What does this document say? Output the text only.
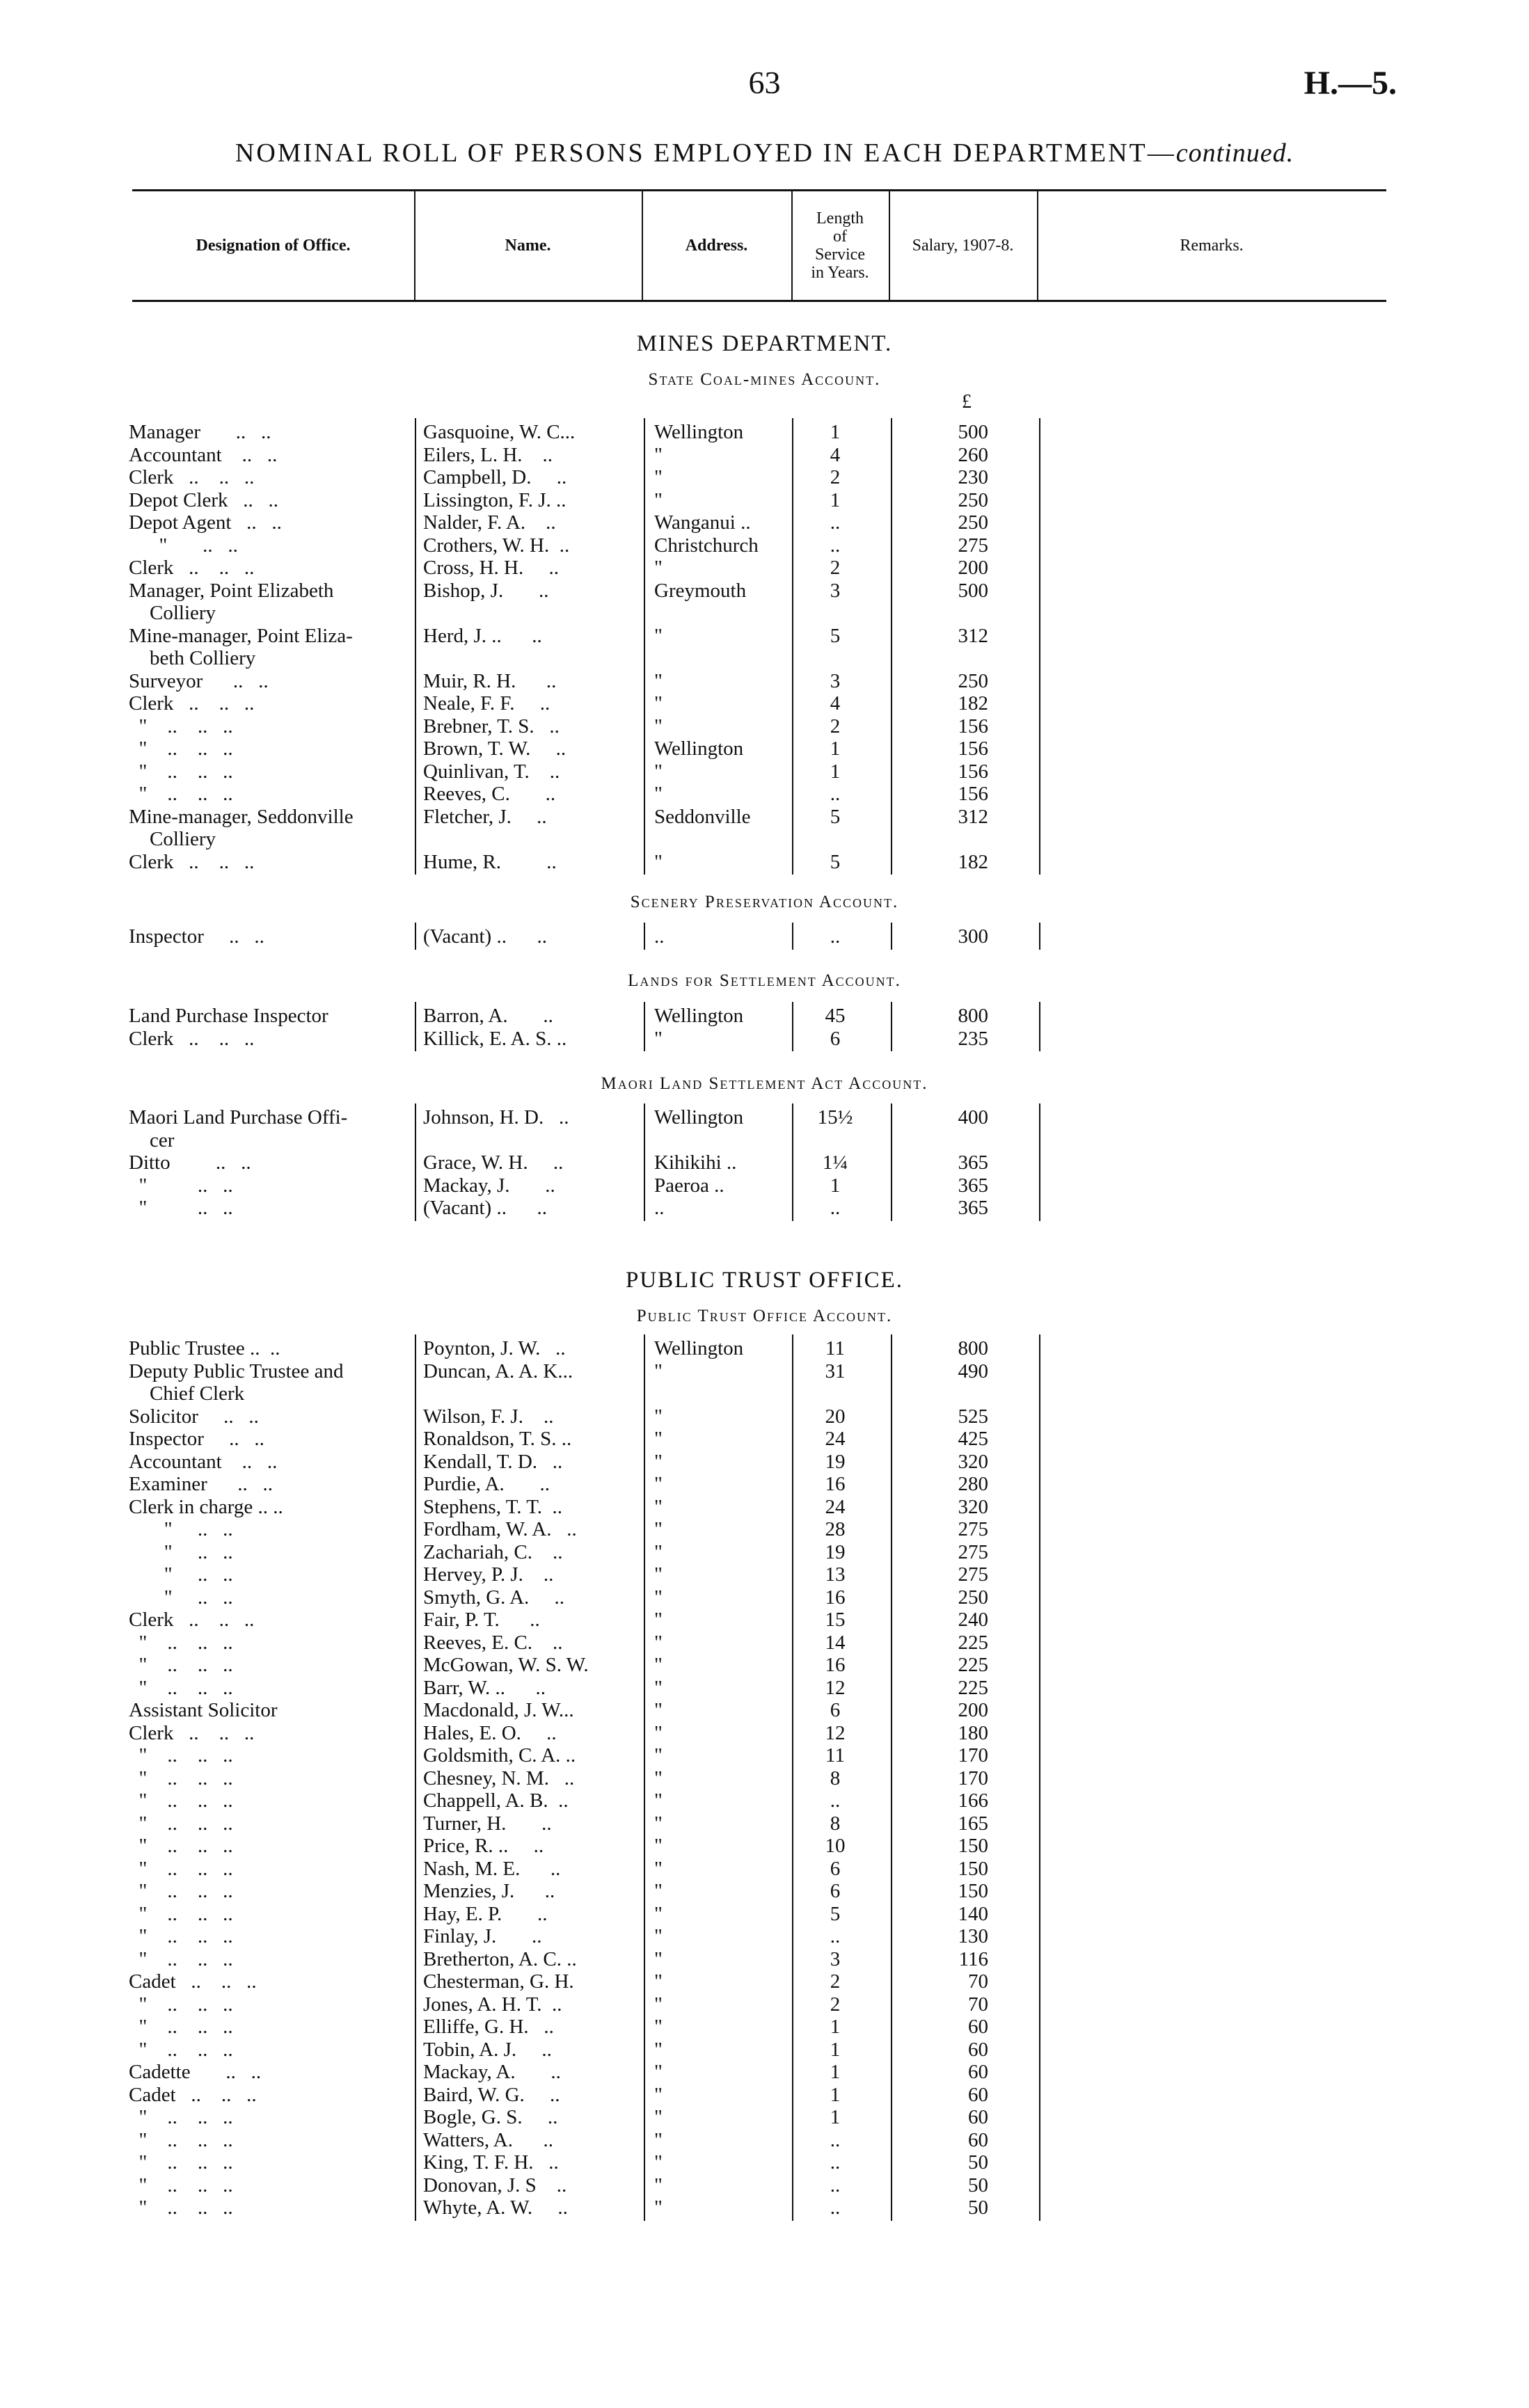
63	H.—5.
NOMINAL ROLL OF PERSONS EMPLOYED IN EACH DEPARTMENT—continued.
Designation of Office.	Name.	Address.
Length
of
Service
in Years.
Salary, 1907-8.	Remarks.
£
MINES DEPARTMENT.
State Coal-mines Account.
Manager       ..   ..	Gasquoine, W. C...	Wellington	1	500
Accountant    ..   ..	Eilers, L. H.    ..	"	4	260
Clerk   ..    ..   ..	Campbell, D.     ..	"	2	230
Depot Clerk   ..   ..	Lissington, F. J. ..	"	1	250
Depot Agent   ..   ..	Nalder, F. A.    ..	Wanganui ..	..	250
"       ..   ..	Crothers, W. H.  ..	Christchurch	..	275
Clerk   ..    ..   ..	Cross, H. H.     ..	"	2	200
Manager, Point Elizabeth	Bishop, J.       ..	Greymouth	3	500
Colliery
Mine-manager, Point Eliza-	Herd, J. ..      ..	"	5	312
beth Colliery
Surveyor      ..   ..	Muir, R. H.      ..	"	3	250
Clerk   ..    ..   ..	Neale, F. F.     ..	"	4	182
"    ..    ..   ..	Brebner, T. S.   ..	"	2	156
"    ..    ..   ..	Brown, T. W.     ..	Wellington	1	156
"    ..    ..   ..	Quinlivan, T.    ..	"	1	156
"    ..    ..   ..	Reeves, C.       ..	"	..	156
Mine-manager, Seddonville	Fletcher, J.     ..	Seddonville	5	312
Colliery
Clerk   ..    ..   ..	Hume, R.         ..	"	5	182
Scenery Preservation Account.
Inspector     ..   ..	(Vacant) ..      ..	..	..	300
Lands for Settlement Account.
Land Purchase Inspector	Barron, A.       ..	Wellington	45	800
Clerk   ..    ..   ..	Killick, E. A. S. ..	"	6	235
Maori Land Settlement Act Account.
Maori Land Purchase Offi-	Johnson, H. D.   ..	Wellington	15½	400
cer
Ditto         ..   ..	Grace, W. H.     ..	Kihikihi ..	1¼	365
"          ..   ..	Mackay, J.       ..	Paeroa ..	1	365
"          ..   ..	(Vacant) ..      ..	..	..	365
PUBLIC TRUST OFFICE.
Public Trust Office Account.
Public Trustee ..  ..	Poynton, J. W.   ..	Wellington	11	800
Deputy Public Trustee and	Duncan, A. A. K...	"	31	490
Chief Clerk
Solicitor     ..   ..	Wilson, F. J.    ..	"	20	525
Inspector     ..   ..	Ronaldson, T. S. ..	"	24	425
Accountant    ..   ..	Kendall, T. D.   ..	"	19	320
Examiner      ..   ..	Purdie, A.       ..	"	16	280
Clerk in charge .. ..	Stephens, T. T.  ..	"	24	320
"     ..   ..	Fordham, W. A.   ..	"	28	275
"     ..   ..	Zachariah, C.    ..	"	19	275
"     ..   ..	Hervey, P. J.    ..	"	13	275
"     ..   ..	Smyth, G. A.     ..	"	16	250
Clerk   ..    ..   ..	Fair, P. T.      ..	"	15	240
"    ..    ..   ..	Reeves, E. C.    ..	"	14	225
"    ..    ..   ..	McGowan, W. S. W.	"	16	225
"    ..    ..   ..	Barr, W. ..      ..	"	12	225
Assistant Solicitor	Macdonald, J. W...	"	6	200
Clerk   ..    ..   ..	Hales, E. O.     ..	"	12	180
"    ..    ..   ..	Goldsmith, C. A. ..	"	11	170
"    ..    ..   ..	Chesney, N. M.   ..	"	8	170
"    ..    ..   ..	Chappell, A. B.  ..	"	..	166
"    ..    ..   ..	Turner, H.       ..	"	8	165
"    ..    ..   ..	Price, R. ..     ..	"	10	150
"    ..    ..   ..	Nash, M. E.      ..	"	6	150
"    ..    ..   ..	Menzies, J.      ..	"	6	150
"    ..    ..   ..	Hay, E. P.       ..	"	5	140
"    ..    ..   ..	Finlay, J.       ..	"	..	130
"    ..    ..   ..	Bretherton, A. C. ..	"	3	116
Cadet   ..    ..   ..	Chesterman, G. H.	"	2	70
"    ..    ..   ..	Jones, A. H. T.  ..	"	2	70
"    ..    ..   ..	Elliffe, G. H.   ..	"	1	60
"    ..    ..   ..	Tobin, A. J.     ..	"	1	60
Cadette       ..   ..	Mackay, A.       ..	"	1	60
Cadet   ..    ..   ..	Baird, W. G.     ..	"	1	60
"    ..    ..   ..	Bogle, G. S.     ..	"	1	60
"    ..    ..   ..	Watters, A.      ..	"	..	60
"    ..    ..   ..	King, T. F. H.   ..	"	..	50
"    ..    ..   ..	Donovan, J. S    ..	"	..	50
"    ..    ..   ..	Whyte, A. W.     ..	"	..	50
